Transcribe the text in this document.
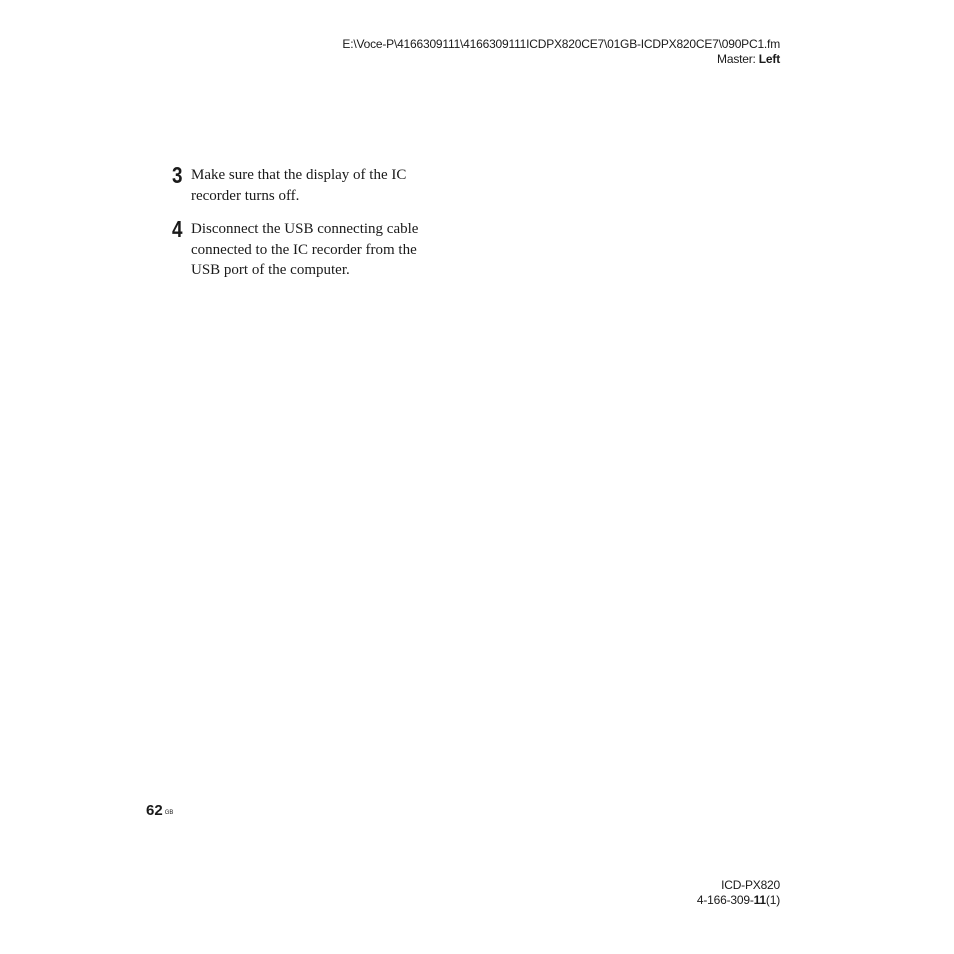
E:\Voce-P\4166309111\4166309111ICDPX820CE7\01GB-ICDPX820CE7\090PC1.fm
Master: Left
3 Make sure that the display of the IC
recorder turns off.
4 Disconnect the USB connecting cable
connected to the IC recorder from the
USB port of the computer.
62 $^{GB}$
ICD-PX820
4-166-309-11(1)
